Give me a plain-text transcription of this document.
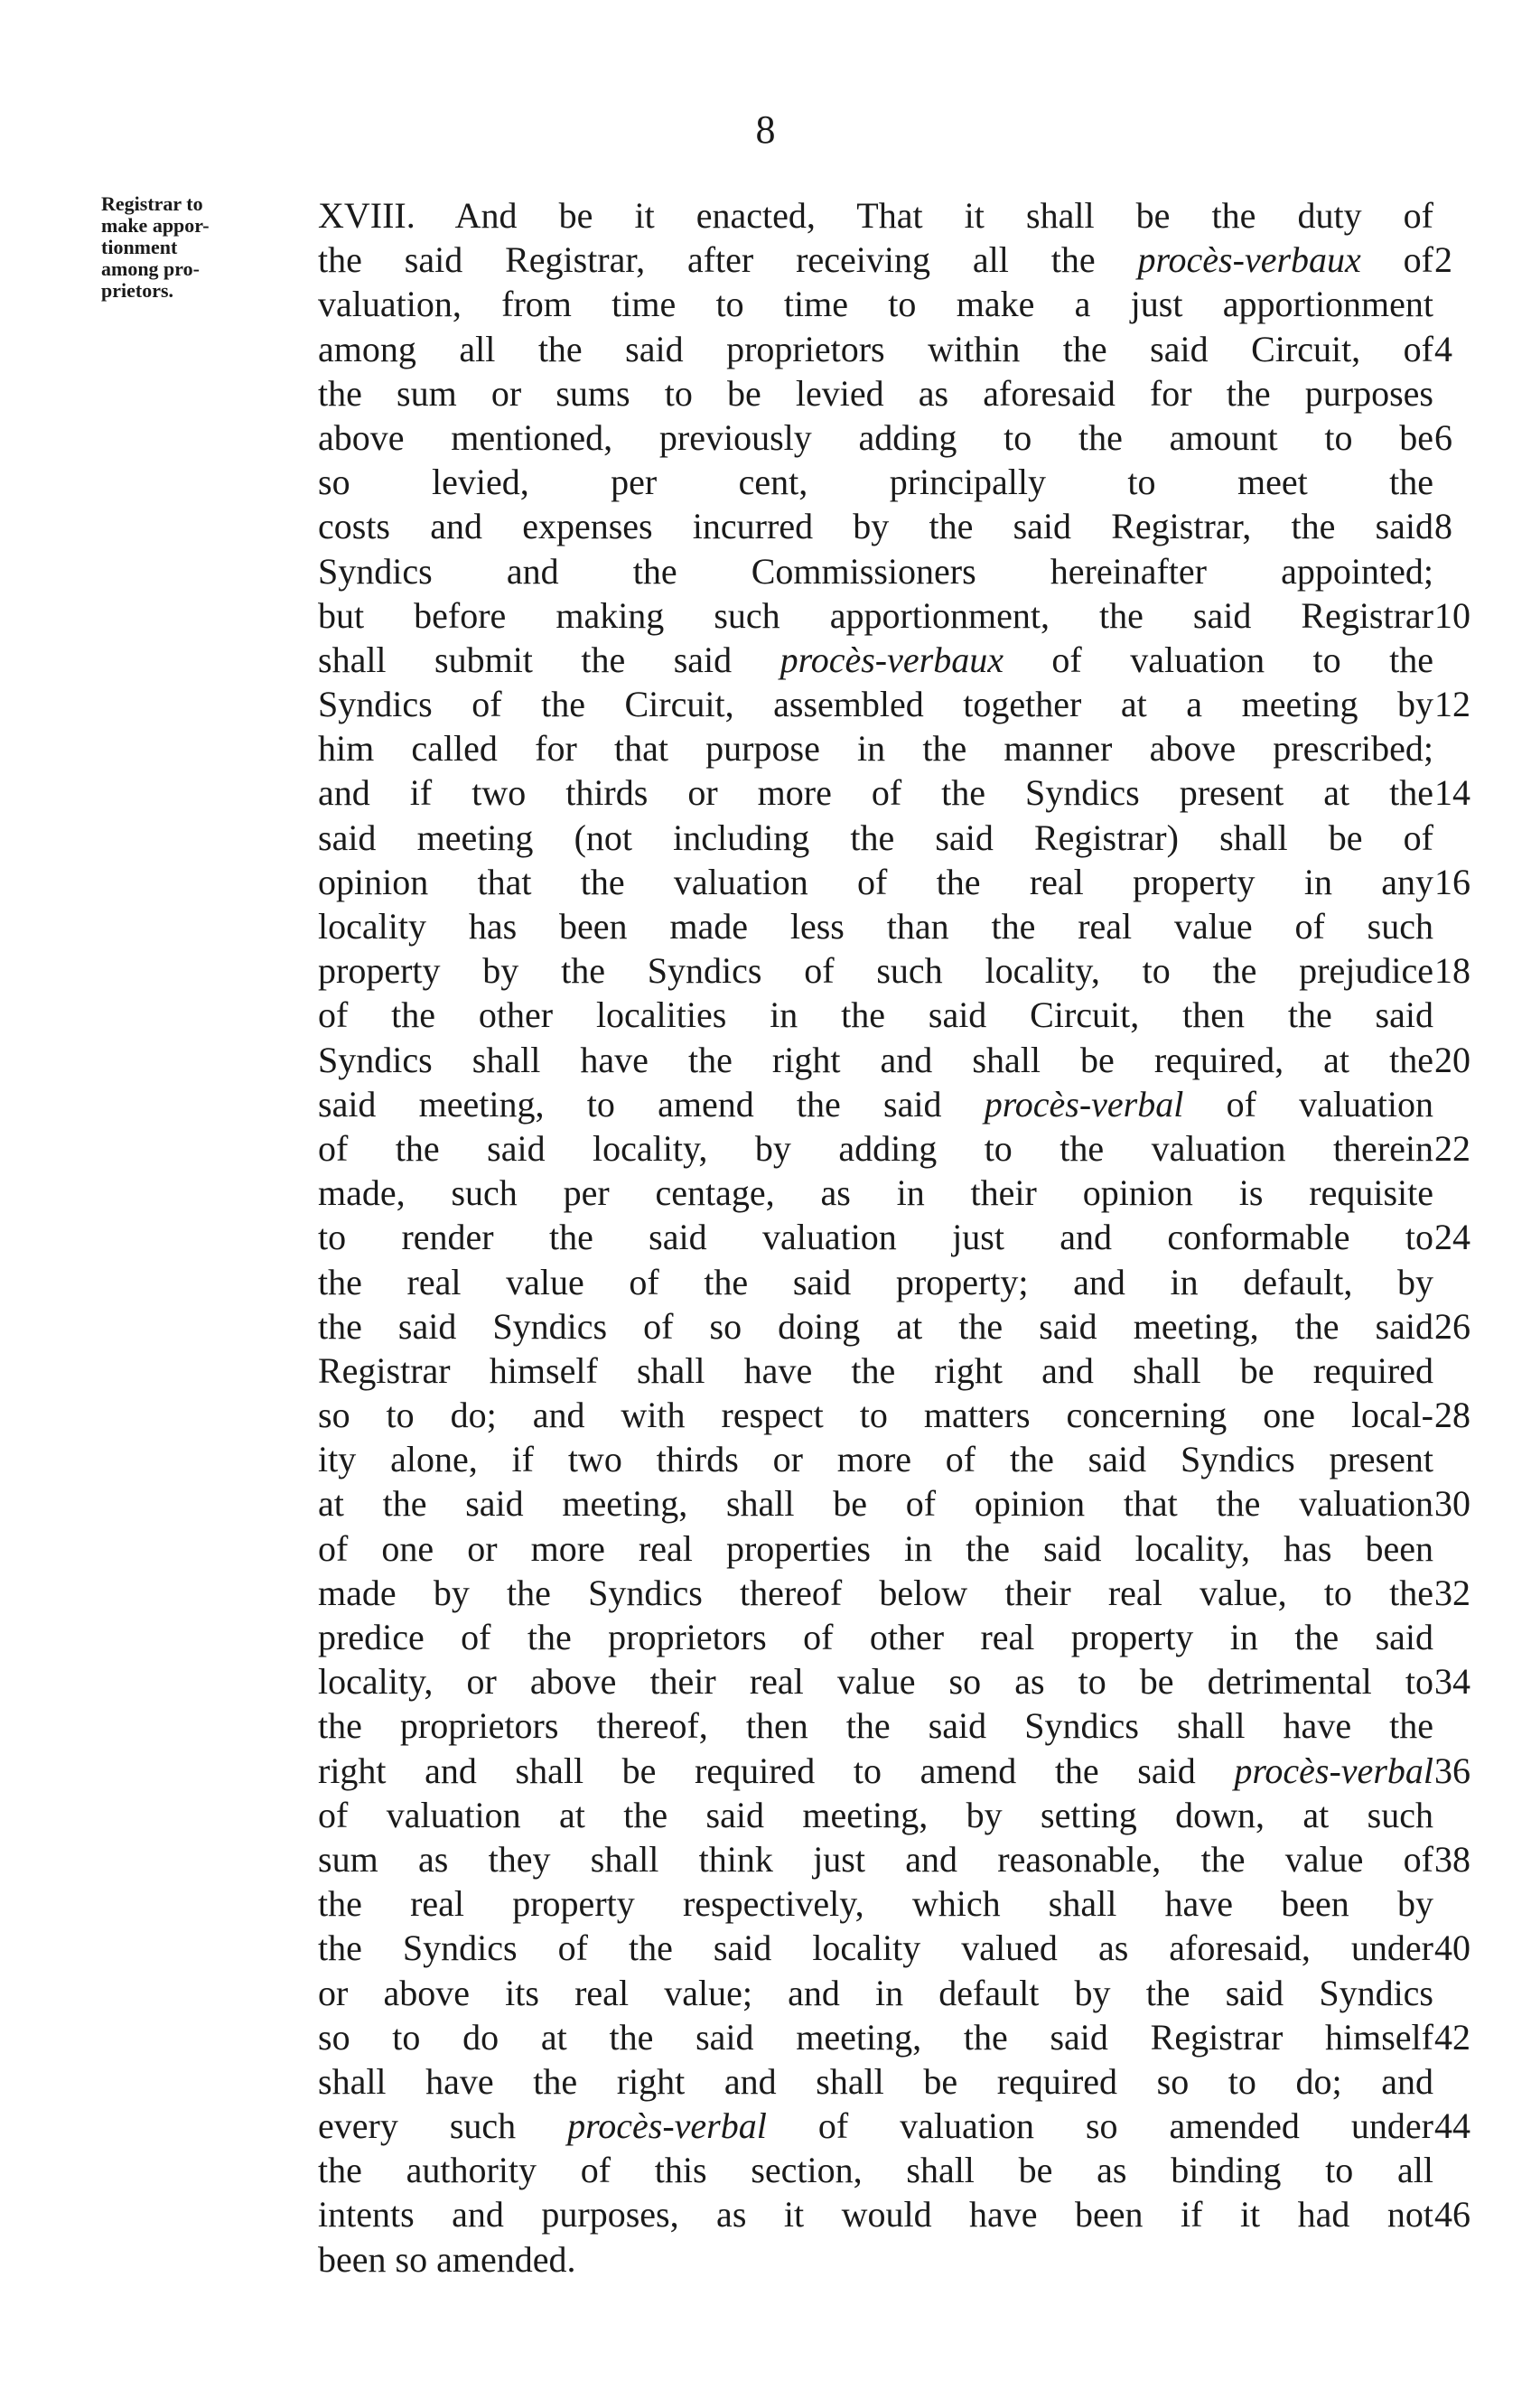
8
Registrar to
make appor-
tionment
among pro-
prietors.
XVIII. And be it enacted, That it shall be the duty of
the said Registrar, after receiving all the procès-verbaux of 2
valuation, from time to time to make a just apportionment
among all the said proprietors within the said Circuit, of 4
the sum or sums to be levied as aforesaid for the purposes
above mentioned, previously adding to the amount to be 6
so levied, per cent, principally to meet the
costs and expenses incurred by the said Registrar, the said 8
Syndics and the Commissioners hereinafter appointed;
but before making such apportionment, the said Registrar 10
shall submit the said procès-verbaux of valuation to the
Syndics of the Circuit, assembled together at a meeting by 12
him called for that purpose in the manner above prescribed;
and if two thirds or more of the Syndics present at the 14
said meeting (not including the said Registrar) shall be of
opinion that the valuation of the real property in any 16
locality has been made less than the real value of such
property by the Syndics of such locality, to the prejudice 18
of the other localities in the said Circuit, then the said
Syndics shall have the right and shall be required, at the 20
said meeting, to amend the said procès-verbal of valuation
of the said locality, by adding to the valuation therein 22
made, such per centage, as in their opinion is requisite
to render the said valuation just and conformable to 24
the real value of the said property; and in default, by
the said Syndics of so doing at the said meeting, the said 26
Registrar himself shall have the right and shall be required
so to do; and with respect to matters concerning one local- 28
ity alone, if two thirds or more of the said Syndics present
at the said meeting, shall be of opinion that the valuation 30
of one or more real properties in the said locality, has been
made by the Syndics thereof below their real value, to the 32
predice of the proprietors of other real property in the said
locality, or above their real value so as to be detrimental to 34
the proprietors thereof, then the said Syndics shall have the
right and shall be required to amend the said procès-verbal 36
of valuation at the said meeting, by setting down, at such
sum as they shall think just and reasonable, the value of 38
the real property respectively, which shall have been by
the Syndics of the said locality valued as aforesaid, under 40
or above its real value; and in default by the said Syndics
so to do at the said meeting, the said Registrar himself 42
shall have the right and shall be required so to do; and
every such procès-verbal of valuation so amended under 44
the authority of this section, shall be as binding to all
intents and purposes, as it would have been if it had not 46
been so amended.
